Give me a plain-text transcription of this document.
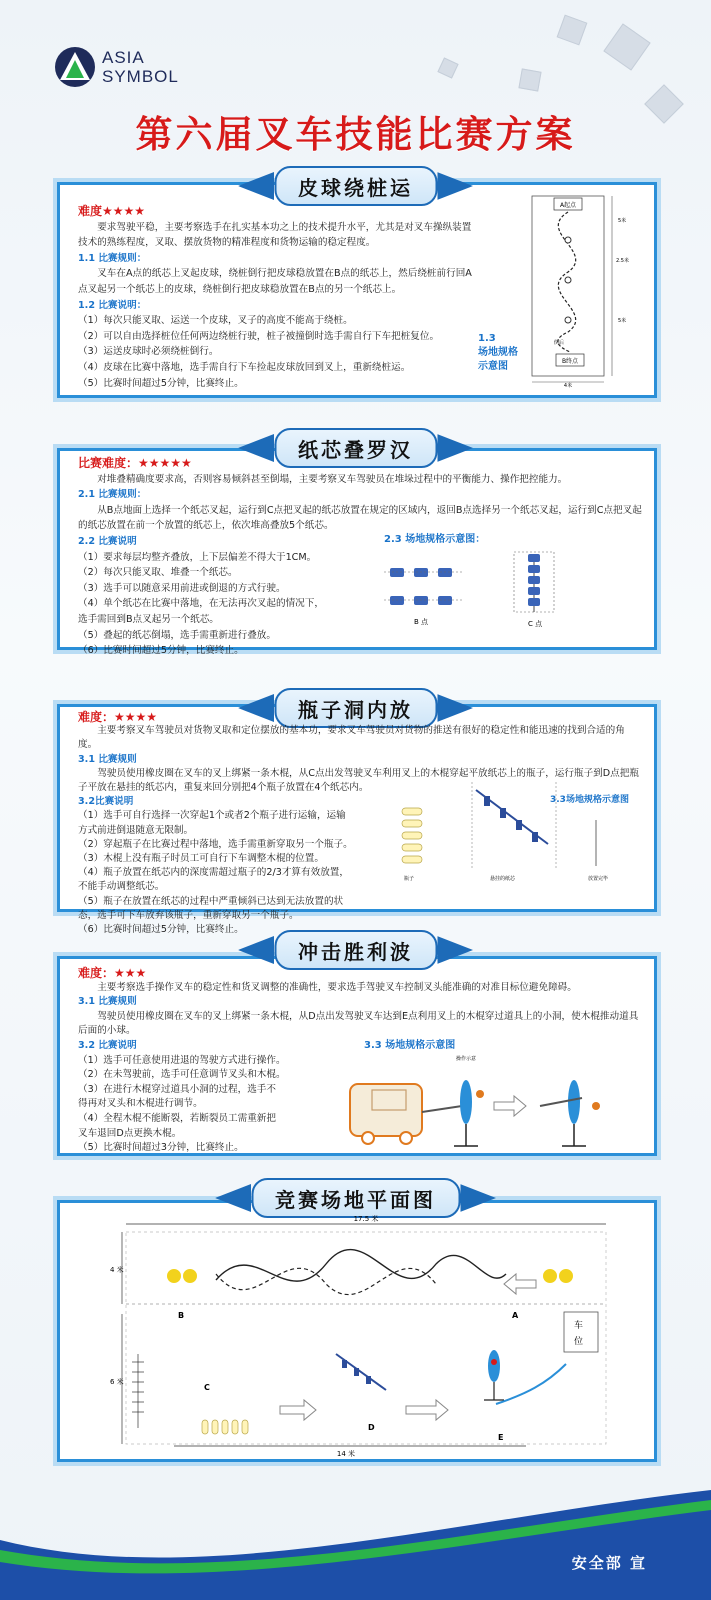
ASIA
SYMBOL
第六届叉车技能比赛方案
皮球绕桩运
难度★★★★
要求驾驶平稳，主要考察选手在扎实基本功之上的技术提升水平，尤其是对叉车操纵装置技术的熟练程度，叉取、摆放货物的精准程度和货物运输的稳定程度。
1.1 比赛规则：
叉车在A点的纸芯上叉起皮球，绕桩倒行把皮球稳放置在B点的纸芯上，然后绕桩前行回A点叉起另一个纸芯上的皮球，绕桩倒行把皮球稳放置在B点的另一个纸芯上。
1.2 比赛说明：
（1）每次只能叉取、运送一个皮球，叉子的高度不能高于绕桩。
（2）可以自由选择桩位任何两边绕桩行驶，桩子被撞倒时选手需自行下车把桩复位。
（3）运送皮球时必须绕桩倒行。
（4）皮球在比赛中落地，选手需自行下车捡起皮球放回到叉上，重新绕桩运。
（5）比赛时间超过5分钟，比赛终止。
1.3
场地规格
示意图
A起点
B终点
5米
2.5米
5米
倒后
4米
纸芯叠罗汉
比赛难度：★★★★★
对堆叠精确度要求高，否则容易倾斜甚至倒塌，主要考察叉车驾驶员在堆垛过程中的平衡能力、操作把控能力。
2.1 比赛规则：
从B点地面上选择一个纸芯叉起，运行到C点把叉起的纸芯放置在规定的区域内，返回B点选择另一个纸芯叉起，运行到C点把叉起的纸芯放置在前一个放置的纸芯上，依次堆高叠放5个纸芯。
2.2 比赛说明
（1）要求每层均整齐叠放，上下层偏差不得大于1CM。
（2）每次只能叉取、堆叠一个纸芯。
（3）选手可以随意采用前进或倒退的方式行驶。
（4）单个纸芯在比赛中落地，在无法再次叉起的情况下，
选手需回到B点叉起另一个纸芯。
（5）叠起的纸芯倒塌，选手需重新进行叠放。
（6）比赛时间超过5分钟，比赛终止。
2.3 场地规格示意图：
B 点	C 点
瓶子洞内放
难度：★★★★
主要考察叉车驾驶员对货物叉取和定位摆放的基本功，要求叉车驾驶员对货物的推送有很好的稳定性和能迅速的找到合适的角度。
3.1 比赛规则
驾驶员使用橡皮圈在叉车的叉上绑紧一条木棍，从C点出发驾驶叉车利用叉上的木棍穿起平放纸芯上的瓶子，运行瓶子到D点把瓶子平放在悬挂的纸芯内，重复来回分别把4个瓶子放置在4个纸芯内。
3.2比赛说明
（1）选手可自行选择一次穿起1个或者2个瓶子进行运输，运输
方式前进倒退随意无限制。
（2）穿起瓶子在比赛过程中落地，选手需重新穿取另一个瓶子。
（3）木棍上没有瓶子时员工可自行下车调整木棍的位置。
（4）瓶子放置在纸芯内的深度需超过瓶子的2/3才算有效放置，
不能手动调整纸芯。
（5）瓶子在放置在纸芯的过程中严重倾斜已达到无法放置的状
态，选手可下车放弃该瓶子，重新穿取另一个瓶子。
（6）比赛时间超过5分钟，比赛终止。
3.3场地规格示意图
瓶子	悬挂的纸芯	放置完毕
冲击胜利波
难度：★★★
主要考察选手操作叉车的稳定性和货叉调整的准确性，要求选手驾驶叉车控制叉头能准确的对准目标位避免障碍。
3.1 比赛规则
驾驶员使用橡皮圈在叉车的叉上绑紧一条木棍，从D点出发驾驶叉车达到E点利用叉上的木棍穿过道具上的小洞，使木棍推动道具后面的小球。
3.2 比赛说明
（1）选手可任意使用进退的驾驶方式进行操作。
（2）在未驾驶前，选手可任意调节叉头和木棍。
（3）在进行木棍穿过道具小洞的过程，选手不
得再对叉头和木棍进行调节。
（4）全程木棍不能断裂，若断裂员工需重新把
叉车退回D点更换木棍。
（5）比赛时间超过3分钟，比赛终止。
3.3 场地规格示意图
操作示意
竞赛场地平面图
17.5 米
4 米
6 米
14 米
B	A
车
位
C
D
E
安全部 宣
